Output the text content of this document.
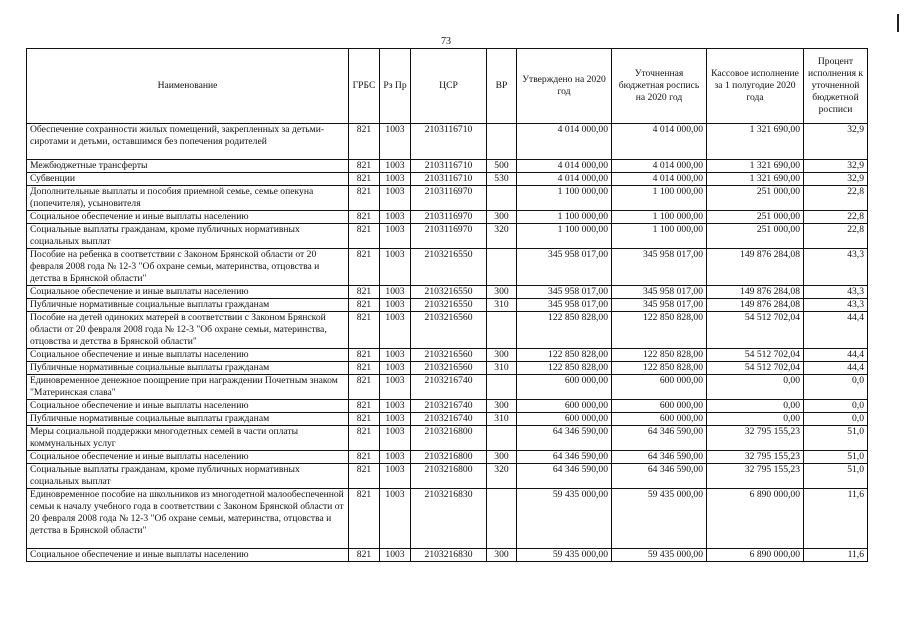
73
Наименование	ГРБС	Рз Пр	ЦСР	ВР	Утверждено на 2020 год	Уточненная бюджетная роспись на 2020 год	Кассовое исполнение за 1 полугодие 2020 года	Процент исполнения к уточненной бюджетной росписи
Обеспечение сохранности жилых помещений, закрепленных за детьми-сиротами и детьми, оставшимся без попечения родителей	821	1003	2103116710		4 014 000,00	4 014 000,00	1 321 690,00	32,9
Межбюджетные трансферты	821	1003	2103116710	500	4 014 000,00	4 014 000,00	1 321 690,00	32,9
Субвенции	821	1003	2103116710	530	4 014 000,00	4 014 000,00	1 321 690,00	32,9
Дополнительные выплаты и пособия приемной семье, семье опекуна (попечителя), усыновителя	821	1003	2103116970		1 100 000,00	1 100 000,00	251 000,00	22,8
Социальное обеспечение и иные выплаты населению	821	1003	2103116970	300	1 100 000,00	1 100 000,00	251 000,00	22,8
Социальные выплаты гражданам, кроме публичных нормативных социальных выплат	821	1003	2103116970	320	1 100 000,00	1 100 000,00	251 000,00	22,8
Пособие на ребенка в соответствии с Законом Брянской области от 20 февраля 2008 года № 12-3 "Об охране семьи, материнства, отцовства и детства в Брянской области"	821	1003	2103216550		345 958 017,00	345 958 017,00	149 876 284,08	43,3
Социальное обеспечение и иные выплаты населению	821	1003	2103216550	300	345 958 017,00	345 958 017,00	149 876 284,08	43,3
Публичные нормативные социальные выплаты гражданам	821	1003	2103216550	310	345 958 017,00	345 958 017,00	149 876 284,08	43,3
Пособие на детей одиноких матерей в соответствии с Законом Брянской области от 20 февраля 2008 года № 12-3 "Об охране семьи, материнства, отцовства и детства в Брянской области"	821	1003	2103216560		122 850 828,00	122 850 828,00	54 512 702,04	44,4
Социальное обеспечение и иные выплаты населению	821	1003	2103216560	300	122 850 828,00	122 850 828,00	54 512 702,04	44,4
Публичные нормативные социальные выплаты гражданам	821	1003	2103216560	310	122 850 828,00	122 850 828,00	54 512 702,04	44,4
Единовременное денежное поощрение при награждении Почетным знаком "Материнская слава"	821	1003	2103216740		600 000,00	600 000,00	0,00	0,0
Социальное обеспечение и иные выплаты населению	821	1003	2103216740	300	600 000,00	600 000,00	0,00	0,0
Публичные нормативные социальные выплаты гражданам	821	1003	2103216740	310	600 000,00	600 000,00	0,00	0,0
Меры социальной поддержки многодетных семей в части оплаты коммунальных услуг	821	1003	2103216800		64 346 590,00	64 346 590,00	32 795 155,23	51,0
Социальное обеспечение и иные выплаты населению	821	1003	2103216800	300	64 346 590,00	64 346 590,00	32 795 155,23	51,0
Социальные выплаты гражданам, кроме публичных нормативных социальных выплат	821	1003	2103216800	320	64 346 590,00	64 346 590,00	32 795 155,23	51,0
Единовременное пособие на школьников из многодетной малообеспеченной семьи к началу учебного года в соответствии с Законом Брянской области от 20 февраля 2008 года № 12-3 "Об охране семьи, материнства, отцовства и детства в Брянской области"	821	1003	2103216830		59 435 000,00	59 435 000,00	6 890 000,00	11,6
Социальное обеспечение и иные выплаты населению	821	1003	2103216830	300	59 435 000,00	59 435 000,00	6 890 000,00	11,6
